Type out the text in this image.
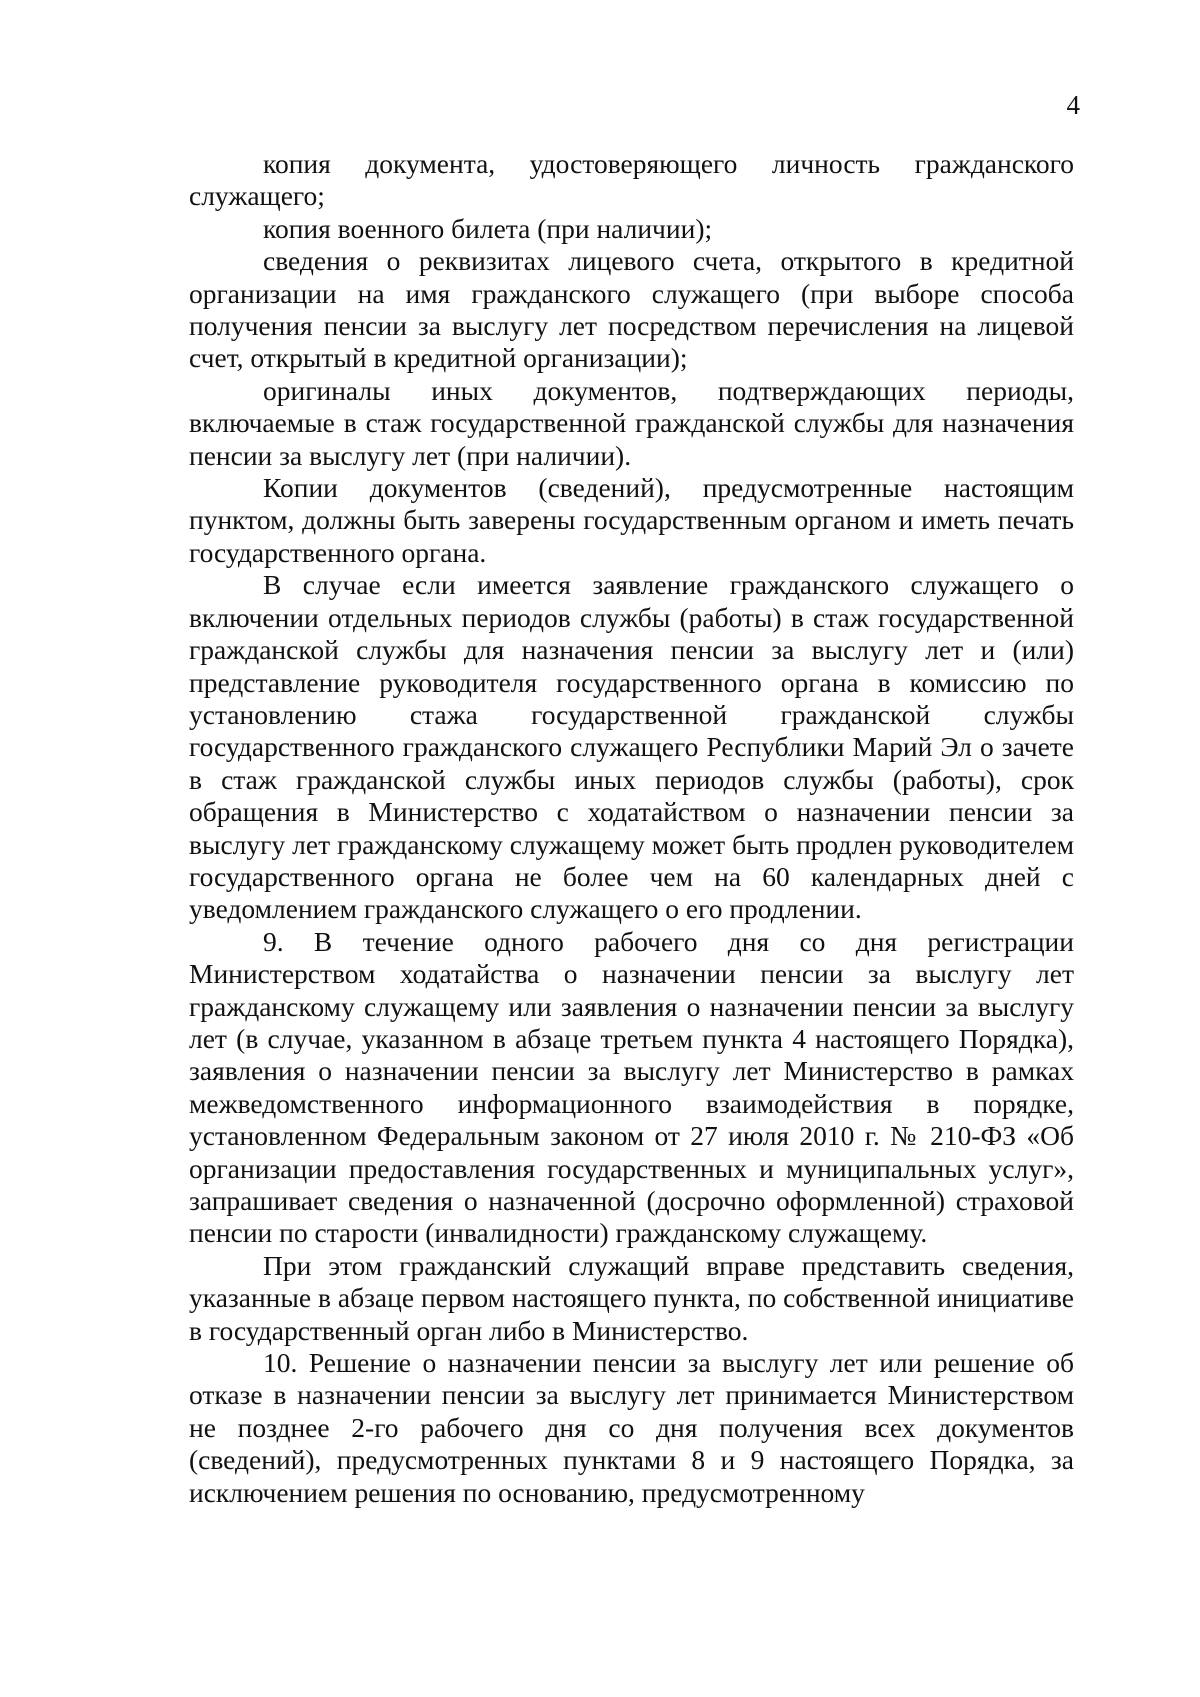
4

копия документа, удостоверяющего личность гражданского служащего;

копия военного билета (при наличии);

сведения о реквизитах лицевого счета, открытого в кредитной организации на имя гражданского служащего (при выборе способа получения пенсии за выслугу лет посредством перечисления на лицевой счет, открытый в кредитной организации);

оригиналы иных документов, подтверждающих периоды, включаемые в стаж государственной гражданской службы для назначения пенсии за выслугу лет (при наличии).

Копии документов (сведений), предусмотренные настоящим пунктом, должны быть заверены государственным органом и иметь печать государственного органа.

В случае если имеется заявление гражданского служащего о включении отдельных периодов службы (работы) в стаж государственной гражданской службы для назначения пенсии за выслугу лет и (или) представление руководителя государственного органа в комиссию по установлению стажа государственной гражданской службы государственного гражданского служащего Республики Марий Эл о зачете в стаж гражданской службы иных периодов службы (работы), срок обращения в Министерство с ходатайством о назначении пенсии за выслугу лет гражданскому служащему может быть продлен руководителем государственного органа не более чем на 60 календарных дней с уведомлением гражданского служащего о его продлении.

9. В течение одного рабочего дня со дня регистрации Министерством ходатайства о назначении пенсии за выслугу лет гражданскому служащему или заявления о назначении пенсии за выслугу лет (в случае, указанном в абзаце третьем пункта 4 настоящего Порядка), заявления о назначении пенсии за выслугу лет Министерство в рамках межведомственного информационного взаимодействия в порядке, установленном Федеральным законом от 27 июля 2010 г. № 210-ФЗ «Об организации предоставления государственных и муниципальных услуг», запрашивает сведения о назначенной (досрочно оформленной) страховой пенсии по старости (инвалидности) гражданскому служащему.

При этом гражданский служащий вправе представить сведения, указанные в абзаце первом настоящего пункта, по собственной инициативе в государственный орган либо в Министерство.

10. Решение о назначении пенсии за выслугу лет или решение об отказе в назначении пенсии за выслугу лет принимается Министерством не позднее 2-го рабочего дня со дня получения всех документов (сведений), предусмотренных пунктами 8 и 9 настоящего Порядка, за исключением решения по основанию, предусмотренному
